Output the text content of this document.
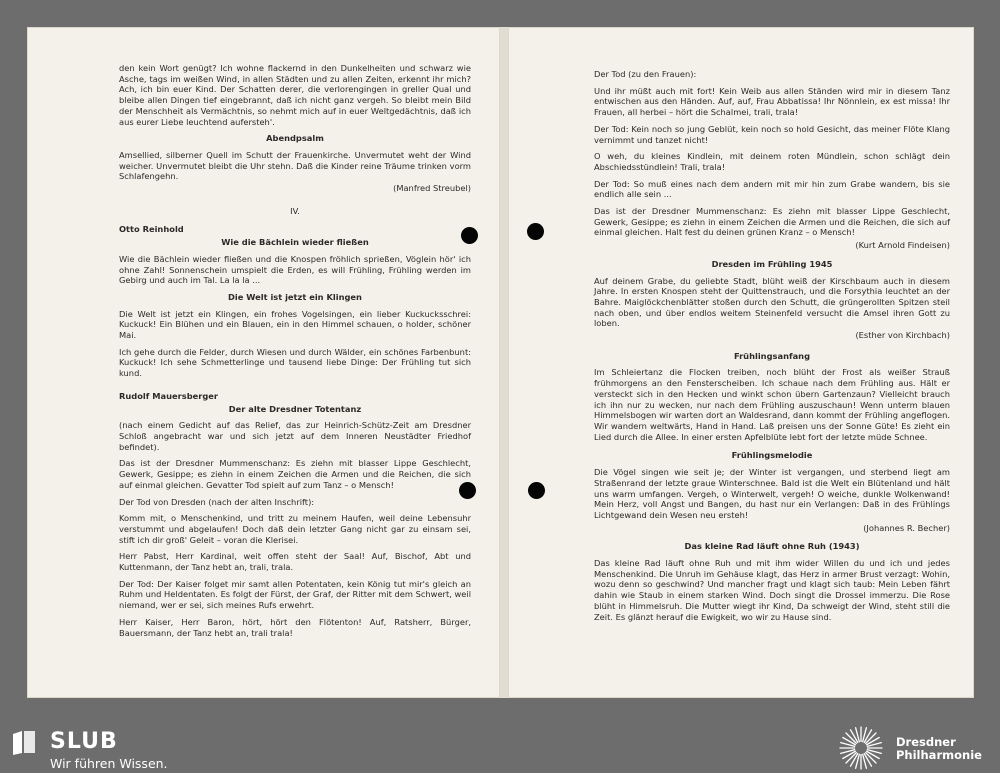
den kein Wort genügt? Ich wohne flackernd in den Dunkelheiten und schwarz wie Asche, tags im weißen Wind, in allen Städten und zu allen Zeiten, erkennt ihr mich? Ach, ich bin euer Kind. Der Schatten derer, die verlorengingen in greller Qual und bleibe allen Dingen tief eingebrannt, daß ich nicht ganz vergeh. So bleibt mein Bild der Menschheit als Vermächtnis, so nehmt mich auf in euer Weltgedächtnis, daß ich aus eurer Liebe leuchtend auferstеh'.

Abendpsalm

Amsellied, silberner Quell im Schutt der Frauenkirche. Unvermutet weht der Wind weicher. Unvermutet bleibt die Uhr stehn. Daß die Kinder reine Träume trinken vorm Schlafengehn.

(Manfred Streubel)
IV.
Otto Reinhold
Wie die Bächlein wieder fließen

Wie die Bächlein wieder fließen und die Knospen fröhlich sprießen, Vöglein hör' ich ohne Zahl! Sonnenschein umspielt die Erden, es will Frühling, Frühling werden im Gebirg und auch im Tal. La la la ...

Die Welt ist jetzt ein Klingen

Die Welt ist jetzt ein Klingen, ein frohes Vogelsingen, ein lieber Kuckucksschrei: Kuckuck! Ein Blühen und ein Blauen, ein in den Himmel schauen, o holder, schöner Mai.

Ich gehe durch die Felder, durch Wiesen und durch Wälder, ein schönes Farbenbunt: Kuckuck! Ich sehe Schmetterlinge und tausend liebe Dinge: Der Frühling tut sich kund.

Rudolf Mauersberger
Der alte Dresdner Totentanz

(nach einem Gedicht auf das Relief, das zur Heinrich-Schütz-Zeit am Dresdner Schloß angebracht war und sich jetzt auf dem Inneren Neustädter Friedhof befindet).

Das ist der Dresdner Mummenschanz: Es ziehn mit blasser Lippe Geschlecht, Gewerk, Gesippe; es ziehn in einem Zeichen die Armen und die Reichen, die sich auf einmal gleichen. Gevatter Tod spielt auf zum Tanz – o Mensch!

Der Tod von Dresden (nach der alten Inschrift):

Komm mit, o Menschenkind, und tritt zu meinem Haufen, weil deine Lebensuhr verstummt und abgelaufen! Doch daß dein letzter Gang nicht gar zu einsam sei, stift ich dir groß' Geleit – voran die Klerisei.

Herr Pabst, Herr Kardinal, weit offen steht der Saal! Auf, Bischof, Abt und Kuttenmann, der Tanz hebt an, trali, trala.

Der Tod: Der Kaiser folget mir samt allen Potentaten, kein König tut mir's gleich an Ruhm und Heldentaten. Es folgt der Fürst, der Graf, der Ritter mit dem Schwert, weil niemand, wer er sei, sich meines Rufs erwehrt.

Herr Kaiser, Herr Baron, hört, hört den Flötenton! Auf, Ratsherr, Bürger, Bauersmann, der Tanz hebt an, trali trala!

Der Tod (zu den Frauen):

Und ihr müßt auch mit fort! Kein Weib aus allen Ständen wird mir in diesem Tanz entwischen aus den Händen. Auf, auf, Frau Abbatissa! Ihr Nönnlein, ex est missa! Ihr Frauen, all herbei – hört die Schalmei, trali, trala!

Der Tod: Kein noch so jung Geblüt, kein noch so hold Gesicht, das meiner Flöte Klang vernimmt und tanzet nicht!

O weh, du kleines Kindlein, mit deinem roten Mündlein, schon schlägt dein Abschiedsstündlein! Trali, trala!

Der Tod: So muß eines nach dem andern mit mir hin zum Grabe wandern, bis sie endlich alle sein ...

Das ist der Dresdner Mummenschanz: Es ziehn mit blasser Lippe Geschlecht, Gewerk, Gesippe; es ziehn in einem Zeichen die Armen und die Reichen, die sich auf einmal gleichen. Halt fest du deinen grünen Kranz – o Mensch!

(Kurt Arnold Findeisen)
Dresden im Frühling 1945

Auf deinem Grabe, du geliebte Stadt, blüht weiß der Kirschbaum auch in diesem Jahre. In ersten Knospen steht der Quittenstrauch, und die Forsythia leuchtet an der Bahre. Maiglöckchenblätter stoßen durch den Schutt, die grüngerollten Spitzen steil nach oben, und über endlos weitem Steinenfeld versucht die Amsel ihren Gott zu loben.

(Esther von Kirchbach)
Frühlingsanfang

Im Schleiertanz die Flocken treiben, noch blüht der Frost als weißer Strauß frühmorgens an den Fensterscheiben. Ich schaue nach dem Frühling aus. Hält er versteckt sich in den Hecken und winkt schon übern Gartenzaun? Vielleicht brauch ich ihn nur zu wecken, nur nach dem Frühling auszuschaun! Wenn unterm blauen Himmelsbogen wir warten dort an Waldesrand, dann kommt der Frühling angeflogen. Wir wandern weltwärts, Hand in Hand. Laß preisen uns der Sonne Güte! Es zieht ein Lied durch die Allee. In einer ersten Apfelblüte lebt fort der letzte müde Schnee.

Frühlingsmelodie

Die Vögel singen wie seit je; der Winter ist vergangen, und sterbend liegt am Straßenrand der letzte graue Winterschnee. Bald ist die Welt ein Blütenland und hält uns warm umfangen. Vergeh, o Winterwelt, vergeh! O weiche, dunkle Wolkenwand! Mein Herz, voll Angst und Bangen, du hast nur ein Verlangen: Daß in des Frühlings Lichtgewand dein Wesen neu ersteh!

(Johannes R. Becher)
Das kleine Rad läuft ohne Ruh (1943)

Das kleine Rad läuft ohne Ruh und mit ihm wider Willen du und ich und jedes Menschenkind. Die Unruh im Gehäuse klagt, das Herz in armer Brust verzagt: Wohin, wozu denn so geschwind? Und mancher fragt und klagt sich taub: Mein Leben fährt dahin wie Staub in einem starken Wind. Doch singt die Drossel immerzu. Die Rose blüht in Himmelsruh. Die Mutter wiegt ihr Kind, Da schweigt der Wind, steht still die Zeit. Es glänzt herauf die Ewigkeit, wo wir zu Hause sind.

SLUB
Wir führen Wissen.
Dresdner
Philharmonie
